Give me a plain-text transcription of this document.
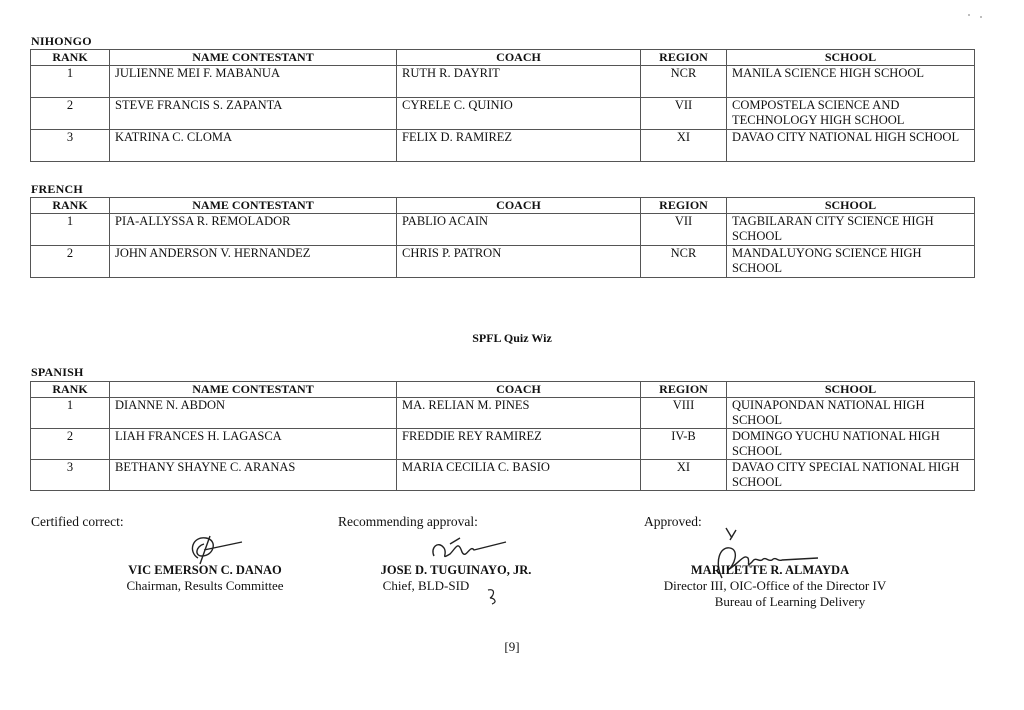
NIHONGO
RANK	NAME CONTESTANT	COACH	REGION	SCHOOL
1	JULIENNE MEI F. MABANUA	RUTH R. DAYRIT	NCR	MANILA SCIENCE HIGH SCHOOL
2	STEVE FRANCIS S. ZAPANTA	CYRELE C. QUINIO	VII	COMPOSTELA SCIENCE AND TECHNOLOGY HIGH SCHOOL
3	KATRINA C. CLOMA	FELIX D. RAMIREZ	XI	DAVAO CITY NATIONAL HIGH SCHOOL
FRENCH
RANK	NAME CONTESTANT	COACH	REGION	SCHOOL
1	PIA-ALLYSSA R. REMOLADOR	PABLIO ACAIN	VII	TAGBILARAN CITY SCIENCE HIGH SCHOOL
2	JOHN ANDERSON V. HERNANDEZ	CHRIS P. PATRON	NCR	MANDALUYONG SCIENCE HIGH SCHOOL
SPFL Quiz Wiz
SPANISH
RANK	NAME CONTESTANT	COACH	REGION	SCHOOL
1	DIANNE N. ABDON	MA. RELIAN M. PINES	VIII	QUINAPONDAN NATIONAL HIGH SCHOOL
2	LIAH FRANCES H. LAGASCA	FREDDIE REY RAMIREZ	IV-B	DOMINGO YUCHU NATIONAL HIGH SCHOOL
3	BETHANY SHAYNE C. ARANAS	MARIA CECILIA C. BASIO	XI	DAVAO CITY SPECIAL NATIONAL HIGH SCHOOL
Certified correct:	Recommending approval:	Approved:
VIC EMERSON C. DANAO
Chairman, Results Committee
JOSE D. TUGUINAYO, JR.
Chief, BLD-SID
MARILETTE R. ALMAYDA
Director III, OIC-Office of the Director IV
Bureau of Learning Delivery
[9]
